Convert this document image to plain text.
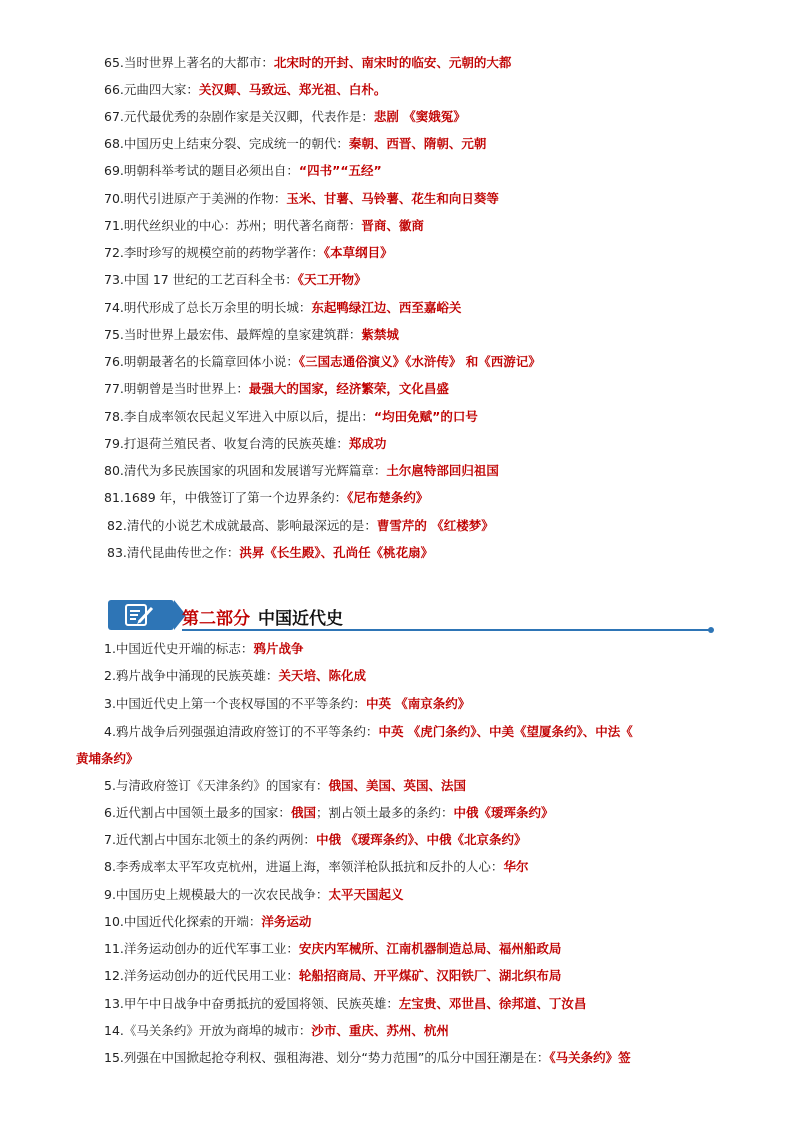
65.当时世界上著名的大都市：北宋时的开封、南宋时的临安、元朝的大都
66.元曲四大家：关汉卿、马致远、郑光祖、白朴。
67.元代最优秀的杂剧作家是关汉卿，代表作是：悲剧 《窦娥冤》
68.中国历史上结束分裂、完成统一的朝代：秦朝、西晋、隋朝、元朝
69.明朝科举考试的题目必须出自：“四书”“五经”
70.明代引进原产于美洲的作物：玉米、甘薯、马铃薯、花生和向日葵等
71.明代丝织业的中心：苏州；明代著名商帮：晋商、徽商
72.李时珍写的规模空前的药物学著作：《本草纲目》
73.中国 17 世纪的工艺百科全书：《天工开物》
74.明代形成了总长万余里的明长城：东起鸭绿江边、西至嘉峪关
75.当时世界上最宏伟、最辉煌的皇家建筑群：紫禁城
76.明朝最著名的长篇章回体小说：《三国志通俗演义》《水浒传》 和《西游记》
77.明朝曾是当时世界上：最强大的国家，经济繁荣，文化昌盛
78.李自成率领农民起义军进入中原以后，提出：“均田免赋”的口号
79.打退荷兰殖民者、收复台湾的民族英雄：郑成功
80.清代为多民族国家的巩固和发展谱写光辉篇章：土尔扈特部回归祖国
81.1689 年，中俄签订了第一个边界条约：《尼布楚条约》
82.清代的小说艺术成就最高、影响最深远的是：曹雪芹的 《红楼梦》
83.清代昆曲传世之作：洪昇《长生殿》、孔尚任《桃花扇》
第二部分 中国近代史
1.中国近代史开端的标志：鸦片战争
2.鸦片战争中涌现的民族英雄：关天培、陈化成
3.中国近代史上第一个丧权辱国的不平等条约：中英 《南京条约》
4.鸦片战争后列强强迫清政府签订的不平等条约：中英 《虎门条约》、中美《望厦条约》、中法《
黄埔条约》
5.与清政府签订《天津条约》的国家有：俄国、美国、英国、法国
6.近代割占中国领土最多的国家：俄国；割占领土最多的条约：中俄《瑷珲条约》
7.近代割占中国东北领土的条约两例：中俄 《瑷珲条约》、中俄《北京条约》
8.李秀成率太平军攻克杭州，进逼上海，率领洋枪队抵抗和反扑的人心：华尔
9.中国历史上规模最大的一次农民战争：太平天国起义
10.中国近代化探索的开端：洋务运动
11.洋务运动创办的近代军事工业：安庆内军械所、江南机器制造总局、福州船政局
12.洋务运动创办的近代民用工业：轮船招商局、开平煤矿、汉阳铁厂、湖北织布局
13.甲午中日战争中奋勇抵抗的爱国将领、民族英雄：左宝贵、邓世昌、徐邦道、丁汝昌
14.《马关条约》开放为商埠的城市：沙市、重庆、苏州、杭州
15.列强在中国掀起抢夺利权、强租海港、划分“势力范围”的瓜分中国狂潮是在：《马关条约》签
